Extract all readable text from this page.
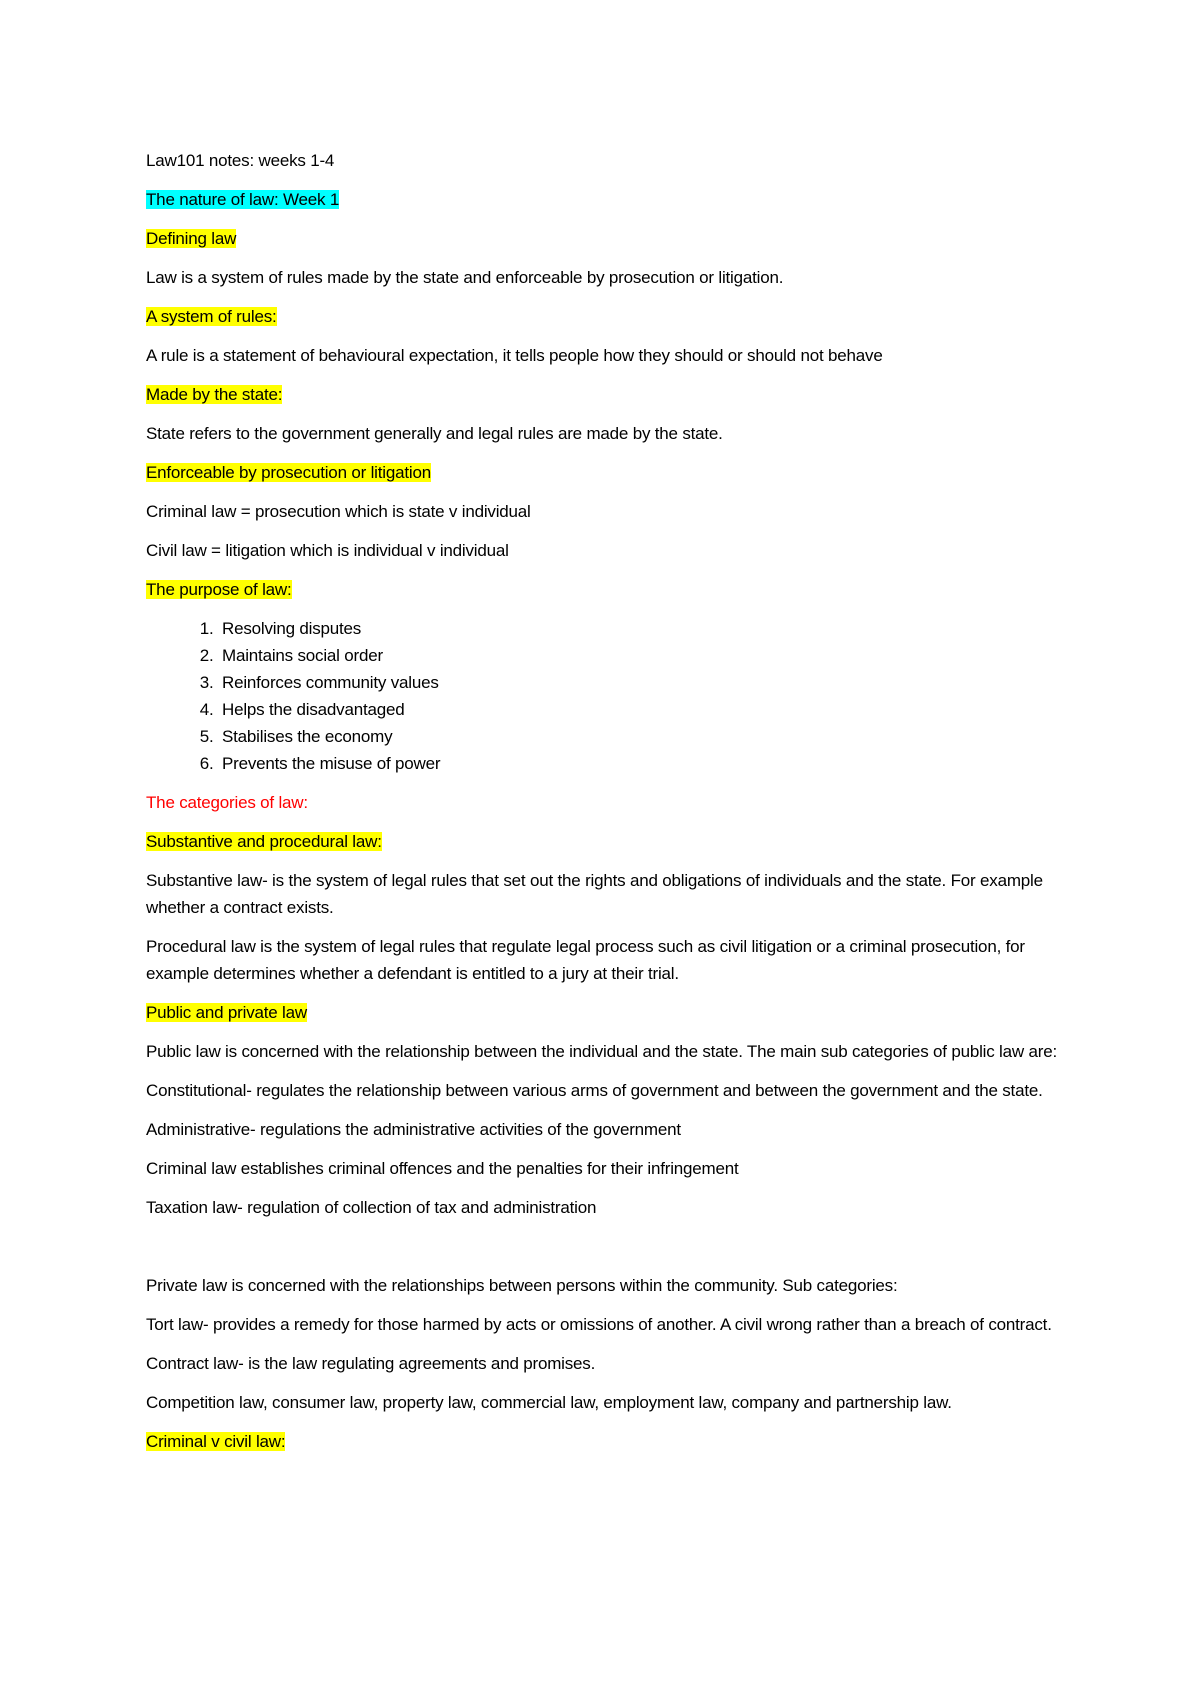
Law101 notes: weeks 1-4

The nature of law: Week 1

Defining law

Law is a system of rules made by the state and enforceable by prosecution or litigation.

A system of rules:

A rule is a statement of behavioural expectation, it tells people how they should or should not behave

Made by the state:

State refers to the government generally and legal rules are made by the state.

Enforceable by prosecution or litigation

Criminal law = prosecution which is state v individual

Civil law = litigation which is individual v individual

The purpose of law:

1. Resolving disputes
2. Maintains social order
3. Reinforces community values
4. Helps the disadvantaged
5. Stabilises the economy
6. Prevents the misuse of power

The categories of law:

Substantive and procedural law:

Substantive law- is the system of legal rules that set out the rights and obligations of individuals and the state. For example whether a contract exists.

Procedural law is the system of legal rules that regulate legal process such as civil litigation or a criminal prosecution, for example determines whether a defendant is entitled to a jury at their trial.

Public and private law

Public law is concerned with the relationship between the individual and the state. The main sub categories of public law are:

Constitutional- regulates the relationship between various arms of government and between the government and the state.

Administrative- regulations the administrative activities of the government

Criminal law establishes criminal offences and the penalties for their infringement

Taxation law- regulation of collection of tax and administration

Private law is concerned with the relationships between persons within the community. Sub categories:

Tort law- provides a remedy for those harmed by acts or omissions of another. A civil wrong rather than a breach of contract.

Contract law- is the law regulating agreements and promises.

Competition law, consumer law, property law, commercial law, employment law, company and partnership law.

Criminal v civil law:
